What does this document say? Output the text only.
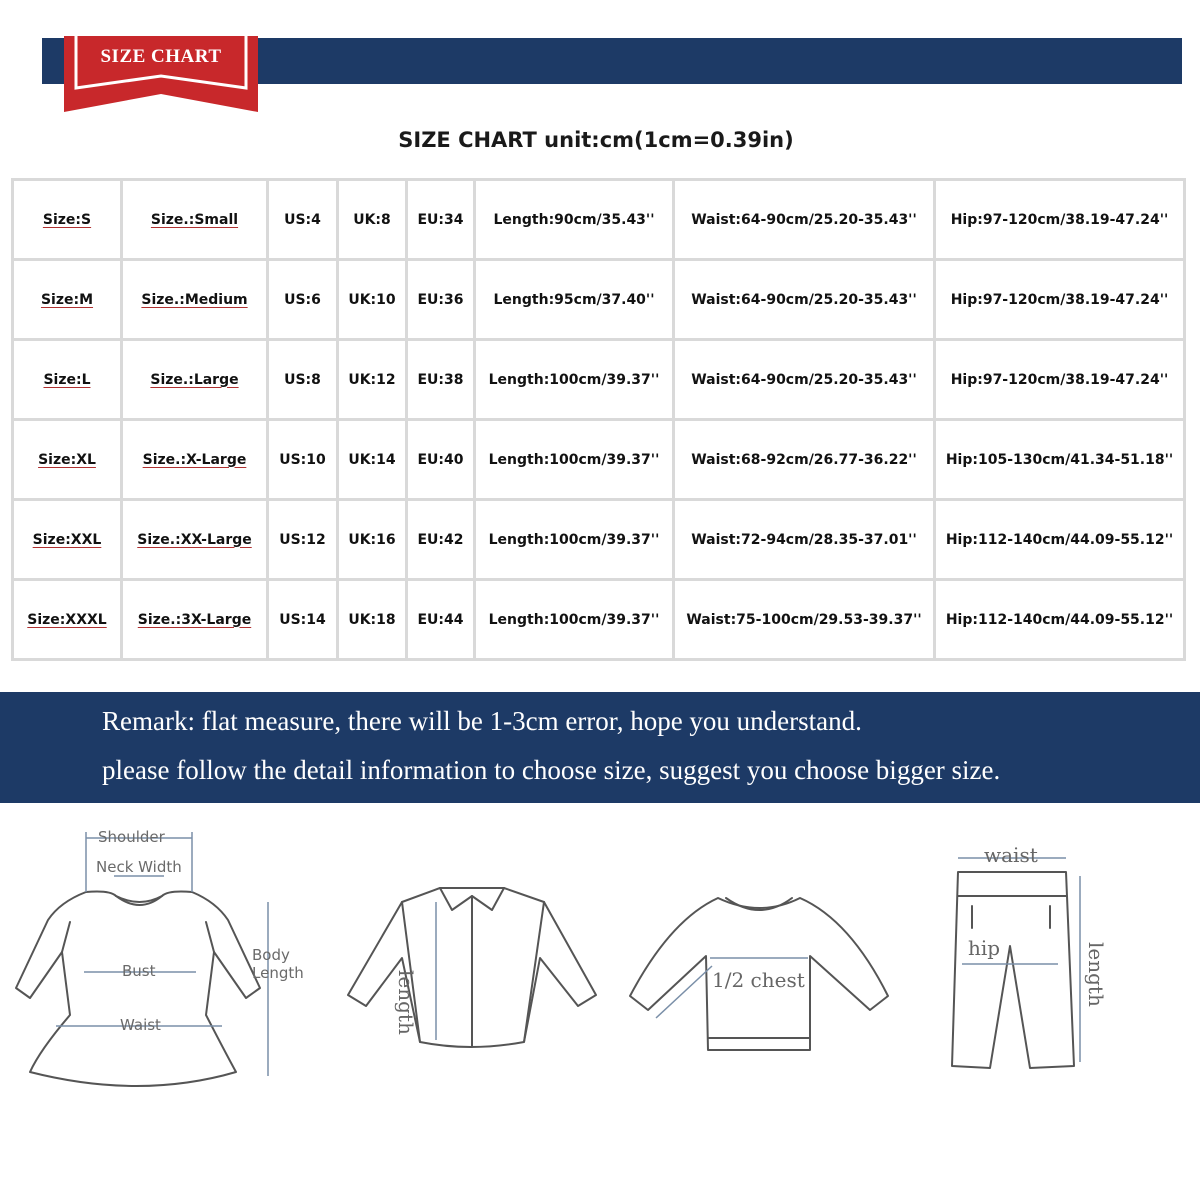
SIZE CHART
SIZE CHART unit:cm(1cm=0.39in)
Size:S	Size.:Small	US:4	UK:8	EU:34	Length:90cm/35.43''	Waist:64-90cm/25.20-35.43''	Hip:97-120cm/38.19-47.24''
Size:M	Size.:Medium	US:6	UK:10	EU:36	Length:95cm/37.40''	Waist:64-90cm/25.20-35.43''	Hip:97-120cm/38.19-47.24''
Size:L	Size.:Large	US:8	UK:12	EU:38	Length:100cm/39.37''	Waist:64-90cm/25.20-35.43''	Hip:97-120cm/38.19-47.24''
Size:XL	Size.:X-Large	US:10	UK:14	EU:40	Length:100cm/39.37''	Waist:68-92cm/26.77-36.22''	Hip:105-130cm/41.34-51.18''
Size:XXL	Size.:XX-Large	US:12	UK:16	EU:42	Length:100cm/39.37''	Waist:72-94cm/28.35-37.01''	Hip:112-140cm/44.09-55.12''
Size:XXXL	Size.:3X-Large	US:14	UK:18	EU:44	Length:100cm/39.37''	Waist:75-100cm/29.53-39.37''	Hip:112-140cm/44.09-55.12''
Remark: flat measure, there will be 1-3cm error, hope you understand.
please follow the detail information to choose size, suggest you choose bigger size.
Shoulder
Neck Width
Bust
Waist
Body
Length	length	1/2 chest
waist
hip	length
